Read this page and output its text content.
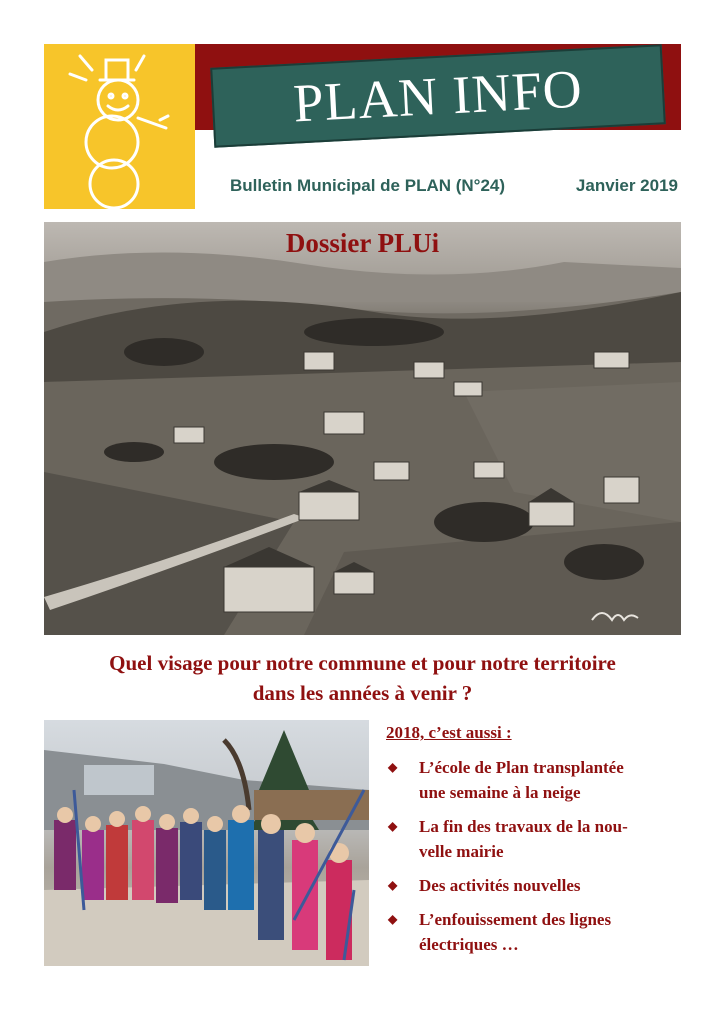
PLAN INFO
Bulletin Municipal de PLAN (N°24)	Janvier 2019
Dossier PLUi
Quel visage pour notre commune et pour notre territoire
dans les années à venir ?
2018, c’est aussi :
◆ L’école de Plan transplantée
une semaine à la neige
◆ La fin des travaux de la nou-
velle mairie
◆ Des activités nouvelles
◆ L’enfouissement des lignes
électriques …
